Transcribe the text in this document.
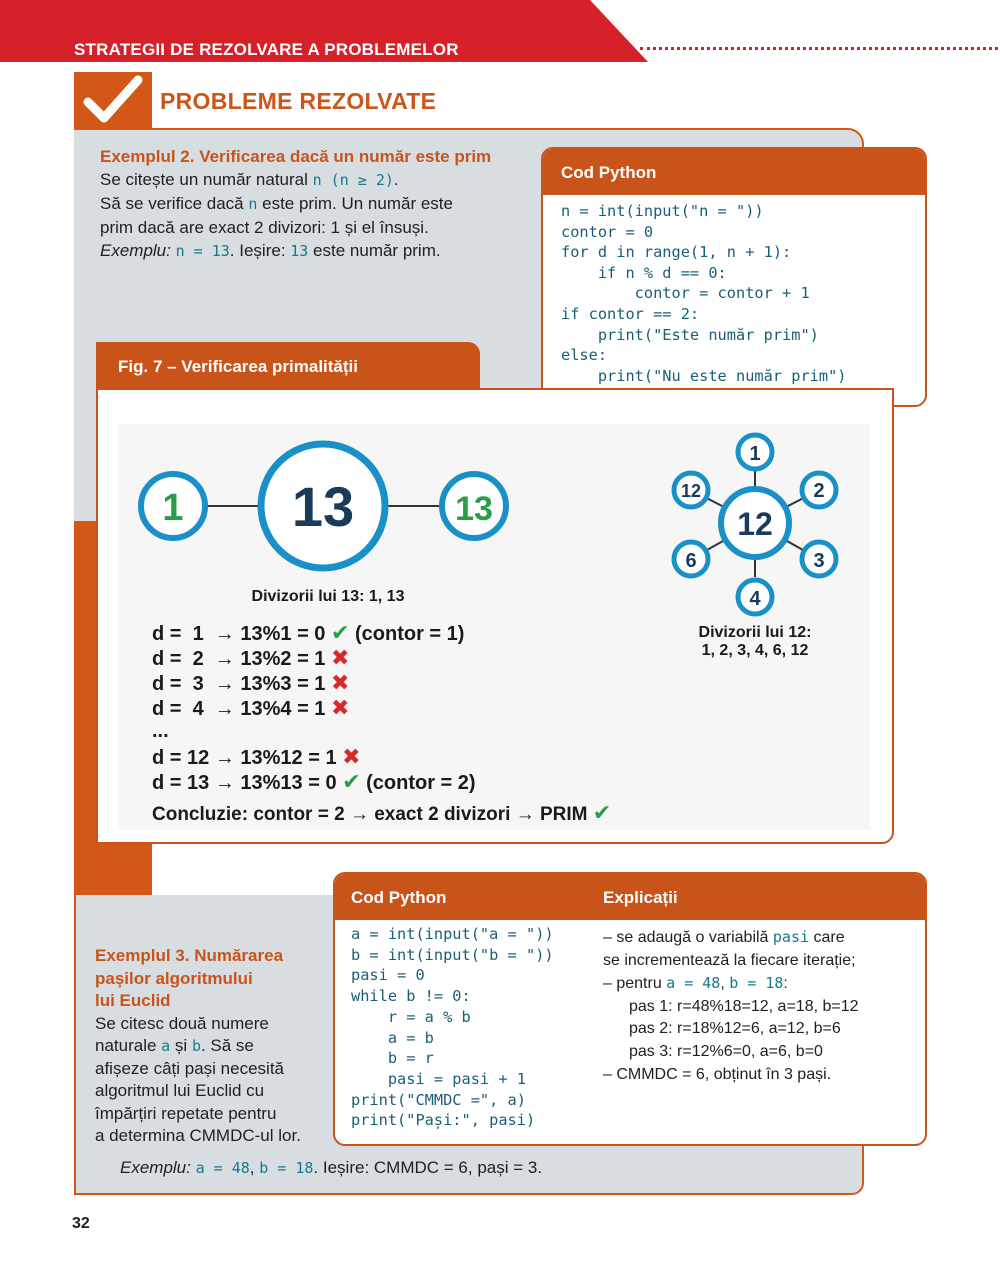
STRATEGII DE REZOLVARE A PROBLEMELOR
PROBLEME REZOLVATE
Exemplul 2. Verificarea dacă un număr este prim
Se citește un număr natural n (n ≥ 2).
Să se verifice dacă n este prim. Un număr este
prim dacă are exact 2 divizori: 1 și el însuși.
Exemplu: n = 13. Ieșire: 13 este număr prim.
Cod Python
n = int(input("n = "))
contor = 0
for d in range(1, n + 1):
if n % d == 0:
contor = contor + 1
if contor == 2:
print("Este număr prim")
else:
print("Nu este număr prim")
Fig. 7 – Verificarea primalității
1 13	13	12
1
2
3
4
6
12
Divizorii lui 13: 1, 13
Divizorii lui 12:
1, 2, 3, 4, 6, 12
d =  1  → 13%1 = 0 ✔ (contor = 1)
d =  2  → 13%2 = 1 ✖
d =  3  → 13%3 = 1 ✖
d =  4  → 13%4 = 1 ✖
...
d = 12 → 13%12 = 1 ✖
d = 13 → 13%13 = 0 ✔ (contor = 2)
Concluzie: contor = 2 → exact 2 divizori → PRIM ✔
Cod Python	Explicații
a = int(input("a = "))
b = int(input("b = "))
pasi = 0
while b != 0:
r = a % b
a = b
b = r
pasi = pasi + 1
print("CMMDC =", a)
print("Pași:", pasi)
– se adaugă o variabilă pasi care
se incrementează la fiecare iterație;
– pentru a = 48, b = 18:
pas 1: r=48%18=12, a=18, b=12
pas 2: r=18%12=6, a=12, b=6
pas 3: r=12%6=0, a=6, b=0
– CMMDC = 6, obținut în 3 pași.
Exemplul 3. Numărarea
pașilor algoritmului
lui Euclid
Se citesc două numere
naturale a și b. Să se
afișeze câți pași necesită
algoritmul lui Euclid cu
împărțiri repetate pentru
a determina CMMDC-ul lor.
Exemplu: a = 48, b = 18. Ieșire: CMMDC = 6, pași = 3.
32
